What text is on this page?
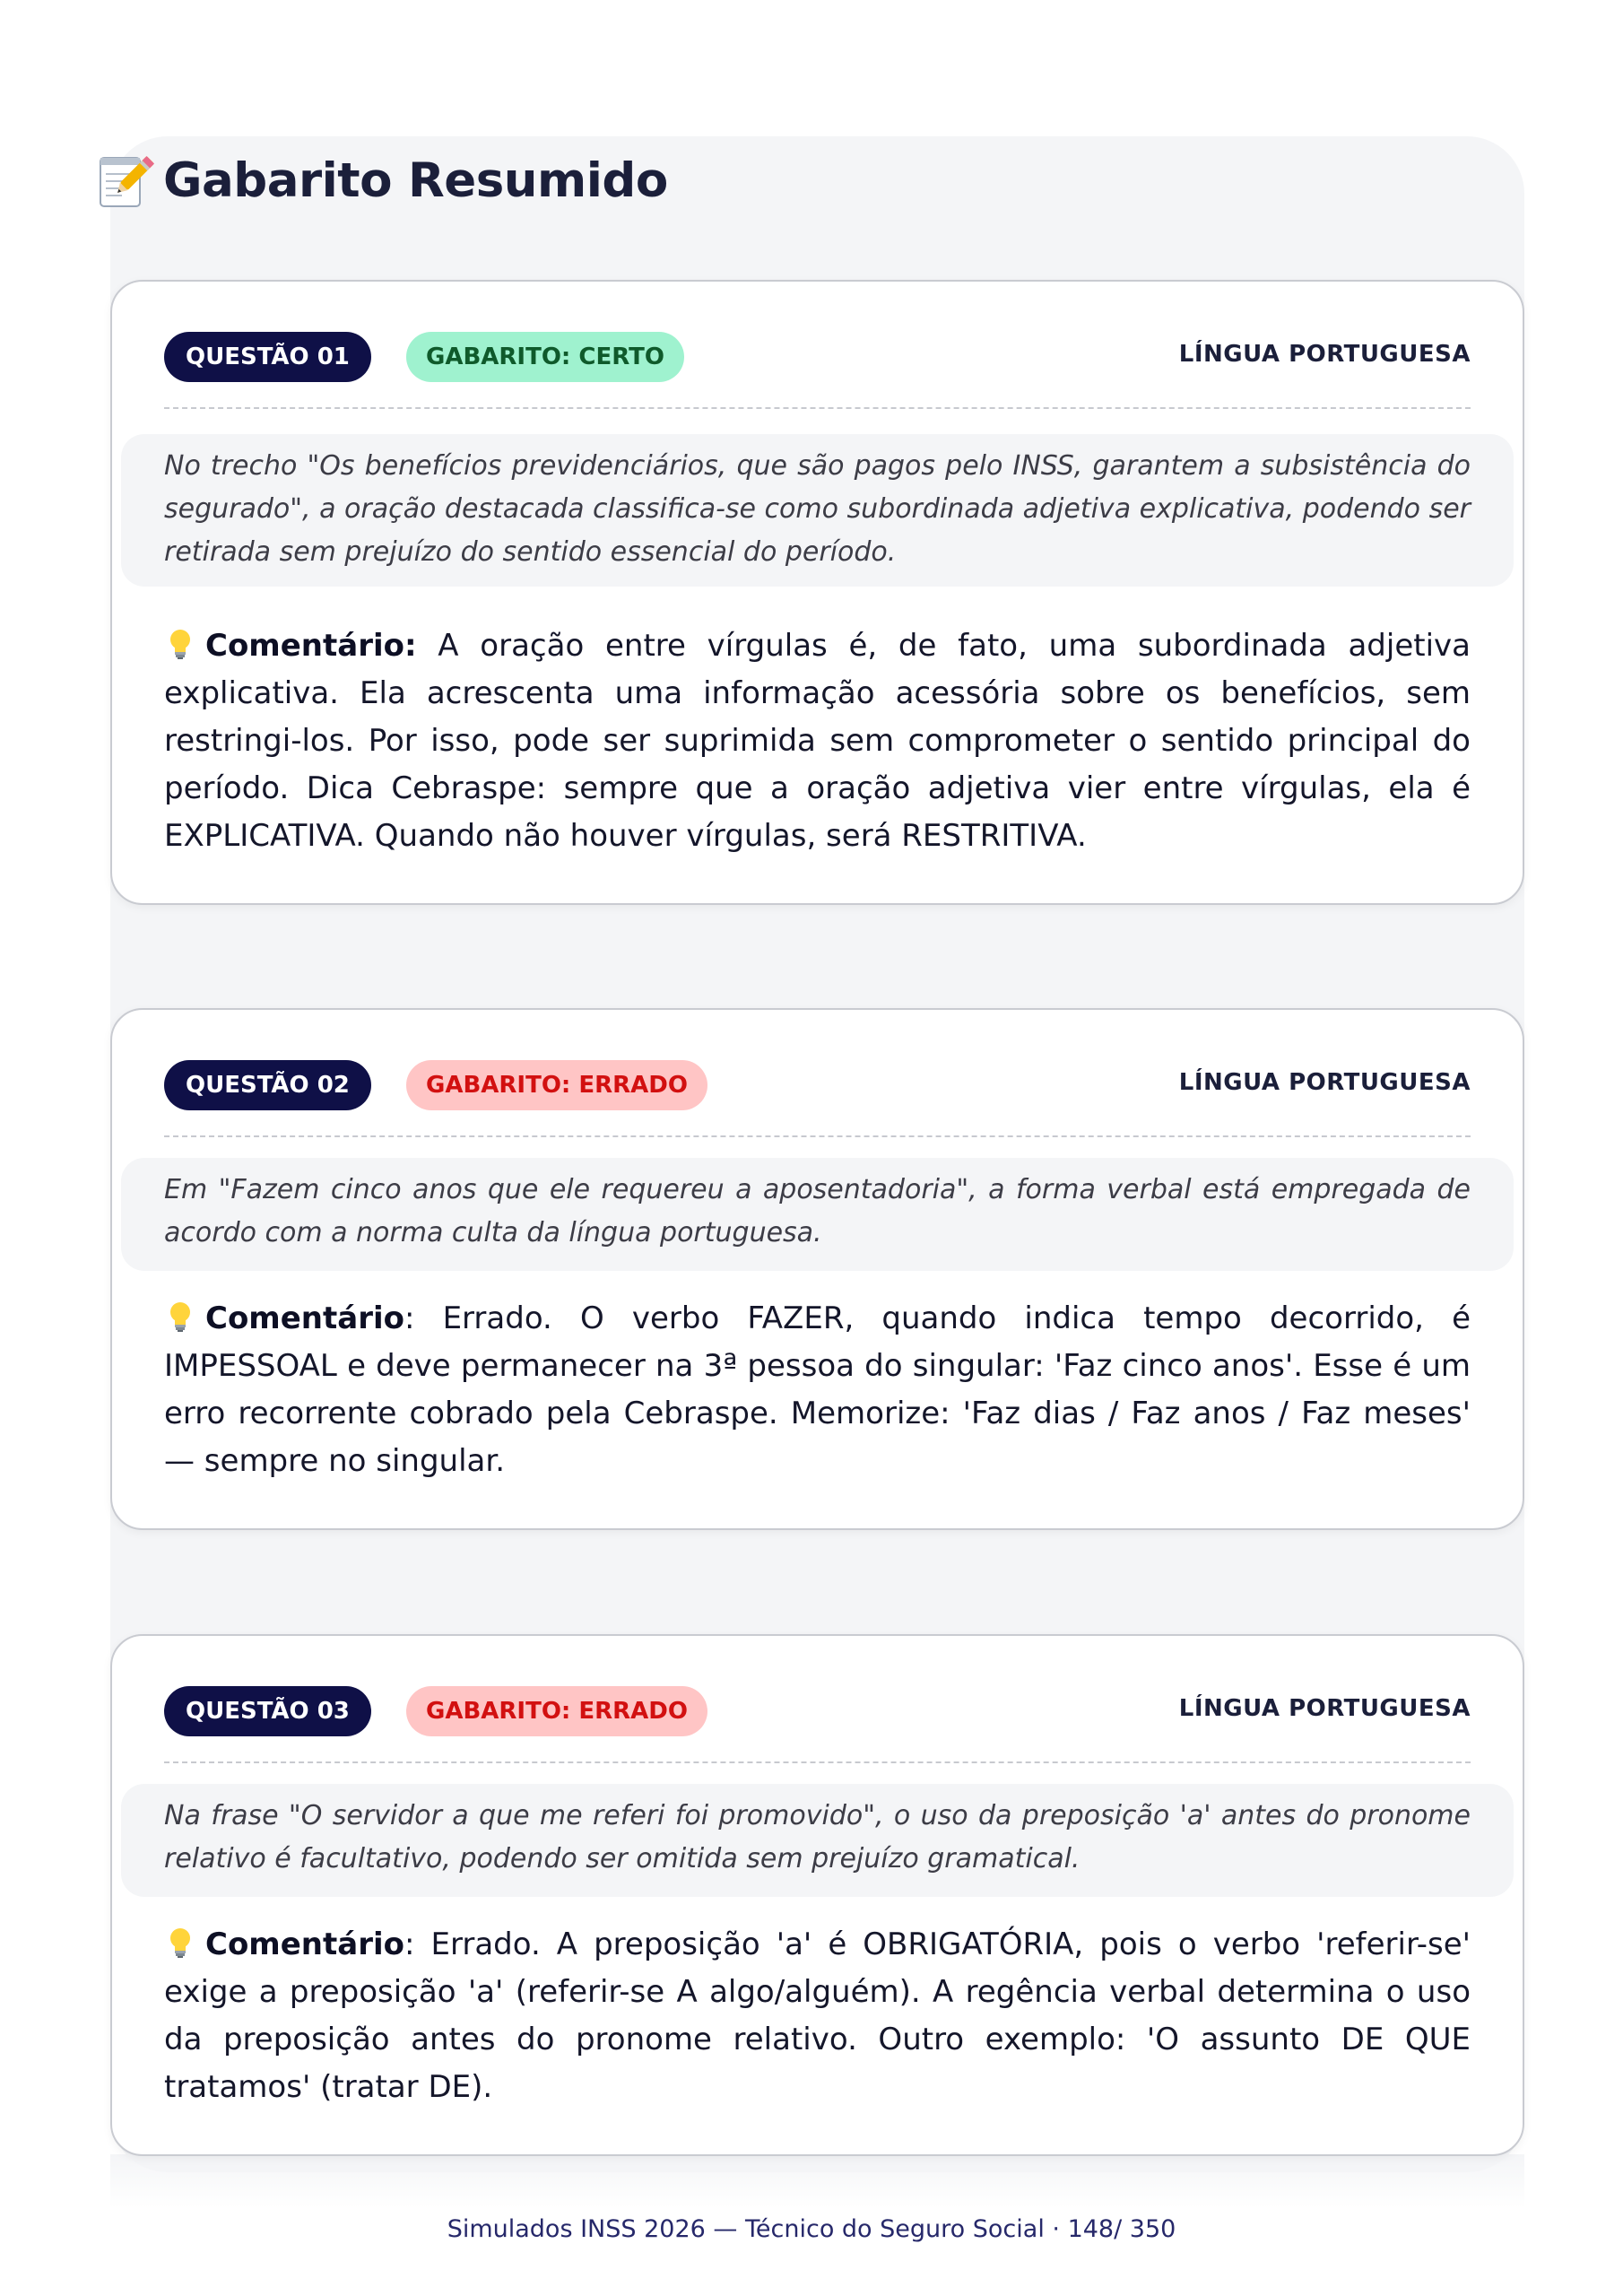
Gabarito Resumido
QUESTÃO 01	GABARITO: CERTO	LÍNGUA PORTUGUESA
No trecho "Os benefícios previdenciários, que são pagos pelo INSS, garantem a subsistência do segurado", a oração destacada classifica-se como subordinada adjetiva explicativa, podendo ser retirada sem prejuízo do sentido essencial do período.
Comentário: A oração entre vírgulas é, de fato, uma subordinada adjetiva explicativa. Ela acrescenta uma informação acessória sobre os benefícios, sem restringi-los. Por isso, pode ser suprimida sem comprometer o sentido principal do período. Dica Cebraspe: sempre que a oração adjetiva vier entre vírgulas, ela é EXPLICATIVA. Quando não houver vírgulas, será RESTRITIVA.
QUESTÃO 02	GABARITO: ERRADO	LÍNGUA PORTUGUESA
Em "Fazem cinco anos que ele requereu a aposentadoria", a forma verbal está empregada de acordo com a norma culta da língua portuguesa.
Comentário: Errado. O verbo FAZER, quando indica tempo decorrido, é IMPESSOAL e deve permanecer na 3ª pessoa do singular: 'Faz cinco anos'. Esse é um erro recorrente cobrado pela Cebraspe. Memorize: 'Faz dias / Faz anos / Faz meses' — sempre no singular.
QUESTÃO 03	GABARITO: ERRADO	LÍNGUA PORTUGUESA
Na frase "O servidor a que me referi foi promovido", o uso da preposição 'a' antes do pronome relativo é facultativo, podendo ser omitida sem prejuízo gramatical.
Comentário: Errado. A preposição 'a' é OBRIGATÓRIA, pois o verbo 'referir-se' exige a preposição 'a' (referir-se A algo/alguém). A regência verbal determina o uso da preposição antes do pronome relativo. Outro exemplo: 'O assunto DE QUE tratamos' (tratar DE).
Simulados INSS 2026 — Técnico do Seguro Social · 148/ 350
